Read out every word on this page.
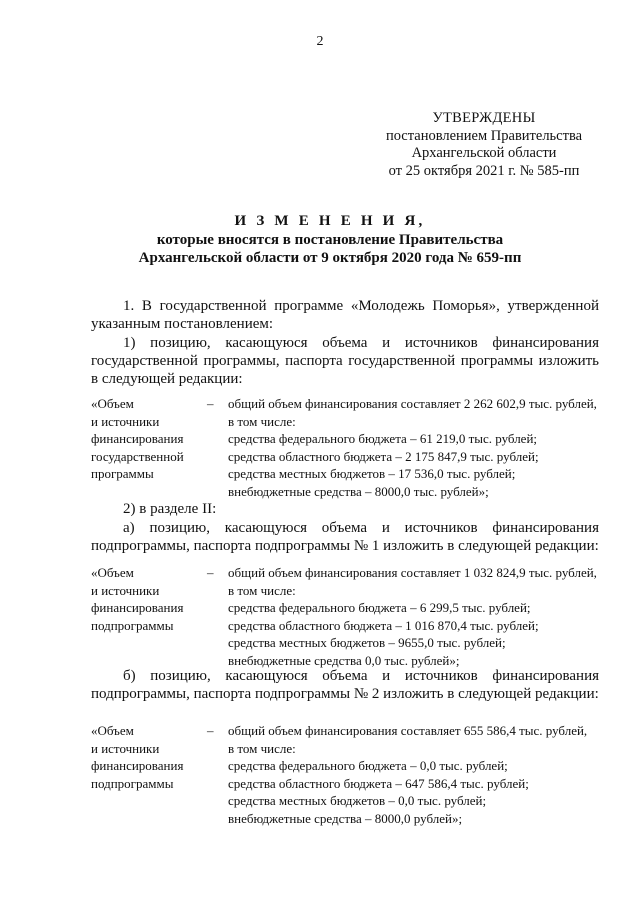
2
УТВЕРЖДЕНЫ
постановлением Правительства
Архангельской области
от 25 октября 2021 г. № 585-пп
И З М Е Н Е Н И Я,
которые вносятся в постановление Правительства
Архангельской области от 9 октября 2020 года № 659-пп
1. В государственной программе «Молодежь Поморья», утвержденной
указанным постановлением:
1) позицию, касающуюся объема и источников финансирования
государственной программы, паспорта государственной программы изложить
в следующей редакции:
«Объем
и источники
финансирования
государственной
программы
– общий объем финансирования составляет 2 262 602,9 тыс. рублей,
в том числе:
средства федерального бюджета – 61 219,0 тыс. рублей;
средства областного бюджета – 2 175 847,9 тыс. рублей;
средства местных бюджетов – 17 536,0 тыс. рублей;
внебюджетные средства – 8000,0 тыс. рублей»;
2) в разделе II:
а) позицию, касающуюся объема и источников финансирования
подпрограммы, паспорта подпрограммы № 1 изложить в следующей редакции:
«Объем
и источники
финансирования
подпрограммы
– общий объем финансирования составляет 1 032 824,9 тыс. рублей,
в том числе:
средства федерального бюджета – 6 299,5 тыс. рублей;
средства областного бюджета – 1 016 870,4 тыс. рублей;
средства местных бюджетов – 9655,0 тыс. рублей;
внебюджетные средства 0,0 тыс. рублей»;
б) позицию, касающуюся объема и источников финансирования
подпрограммы, паспорта подпрограммы № 2 изложить в следующей редакции:
«Объем
и источники
финансирования
подпрограммы
– общий объем финансирования составляет 655 586,4 тыс. рублей,
в том числе:
средства федерального бюджета – 0,0 тыс. рублей;
средства областного бюджета – 647 586,4 тыс. рублей;
средства местных бюджетов – 0,0 тыс. рублей;
внебюджетные средства – 8000,0 рублей»;
